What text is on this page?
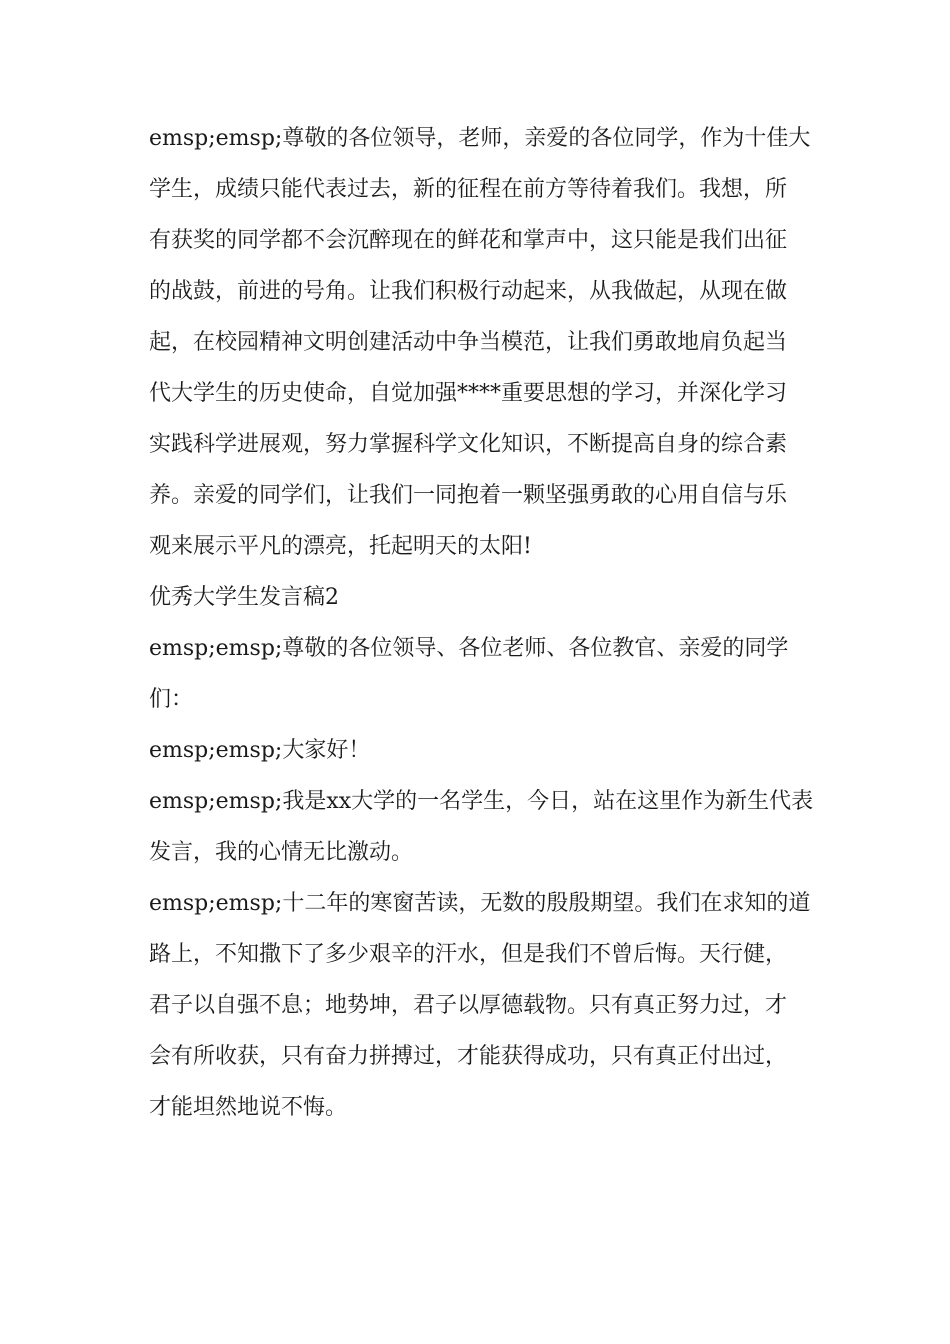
emsp;emsp;尊敬的各位领导，老师，亲爱的各位同学，作为十佳大
学生，成绩只能代表过去，新的征程在前方等待着我们。我想，所
有获奖的同学都不会沉醉现在的鲜花和掌声中，这只能是我们出征
的战鼓，前进的号角。让我们积极行动起来，从我做起，从现在做
起，在校园精神文明创建活动中争当模范，让我们勇敢地肩负起当
代大学生的历史使命，自觉加强****重要思想的学习，并深化学习
实践科学进展观，努力掌握科学文化知识，不断提高自身的综合素
养。亲爱的同学们，让我们一同抱着一颗坚强勇敢的心用自信与乐
观来展示平凡的漂亮，托起明天的太阳!
优秀大学生发言稿2
emsp;emsp;尊敬的各位领导、各位老师、各位教官、亲爱的同学
们：
emsp;emsp;大家好！
emsp;emsp;我是xx大学的一名学生，今日，站在这里作为新生代表
发言，我的心情无比激动。
emsp;emsp;十二年的寒窗苦读，无数的殷殷期望。我们在求知的道
路上，不知撒下了多少艰辛的汗水，但是我们不曾后悔。天行健，
君子以自强不息；地势坤，君子以厚德载物。只有真正努力过，才
会有所收获，只有奋力拼搏过，才能获得成功，只有真正付出过，
才能坦然地说不悔。
